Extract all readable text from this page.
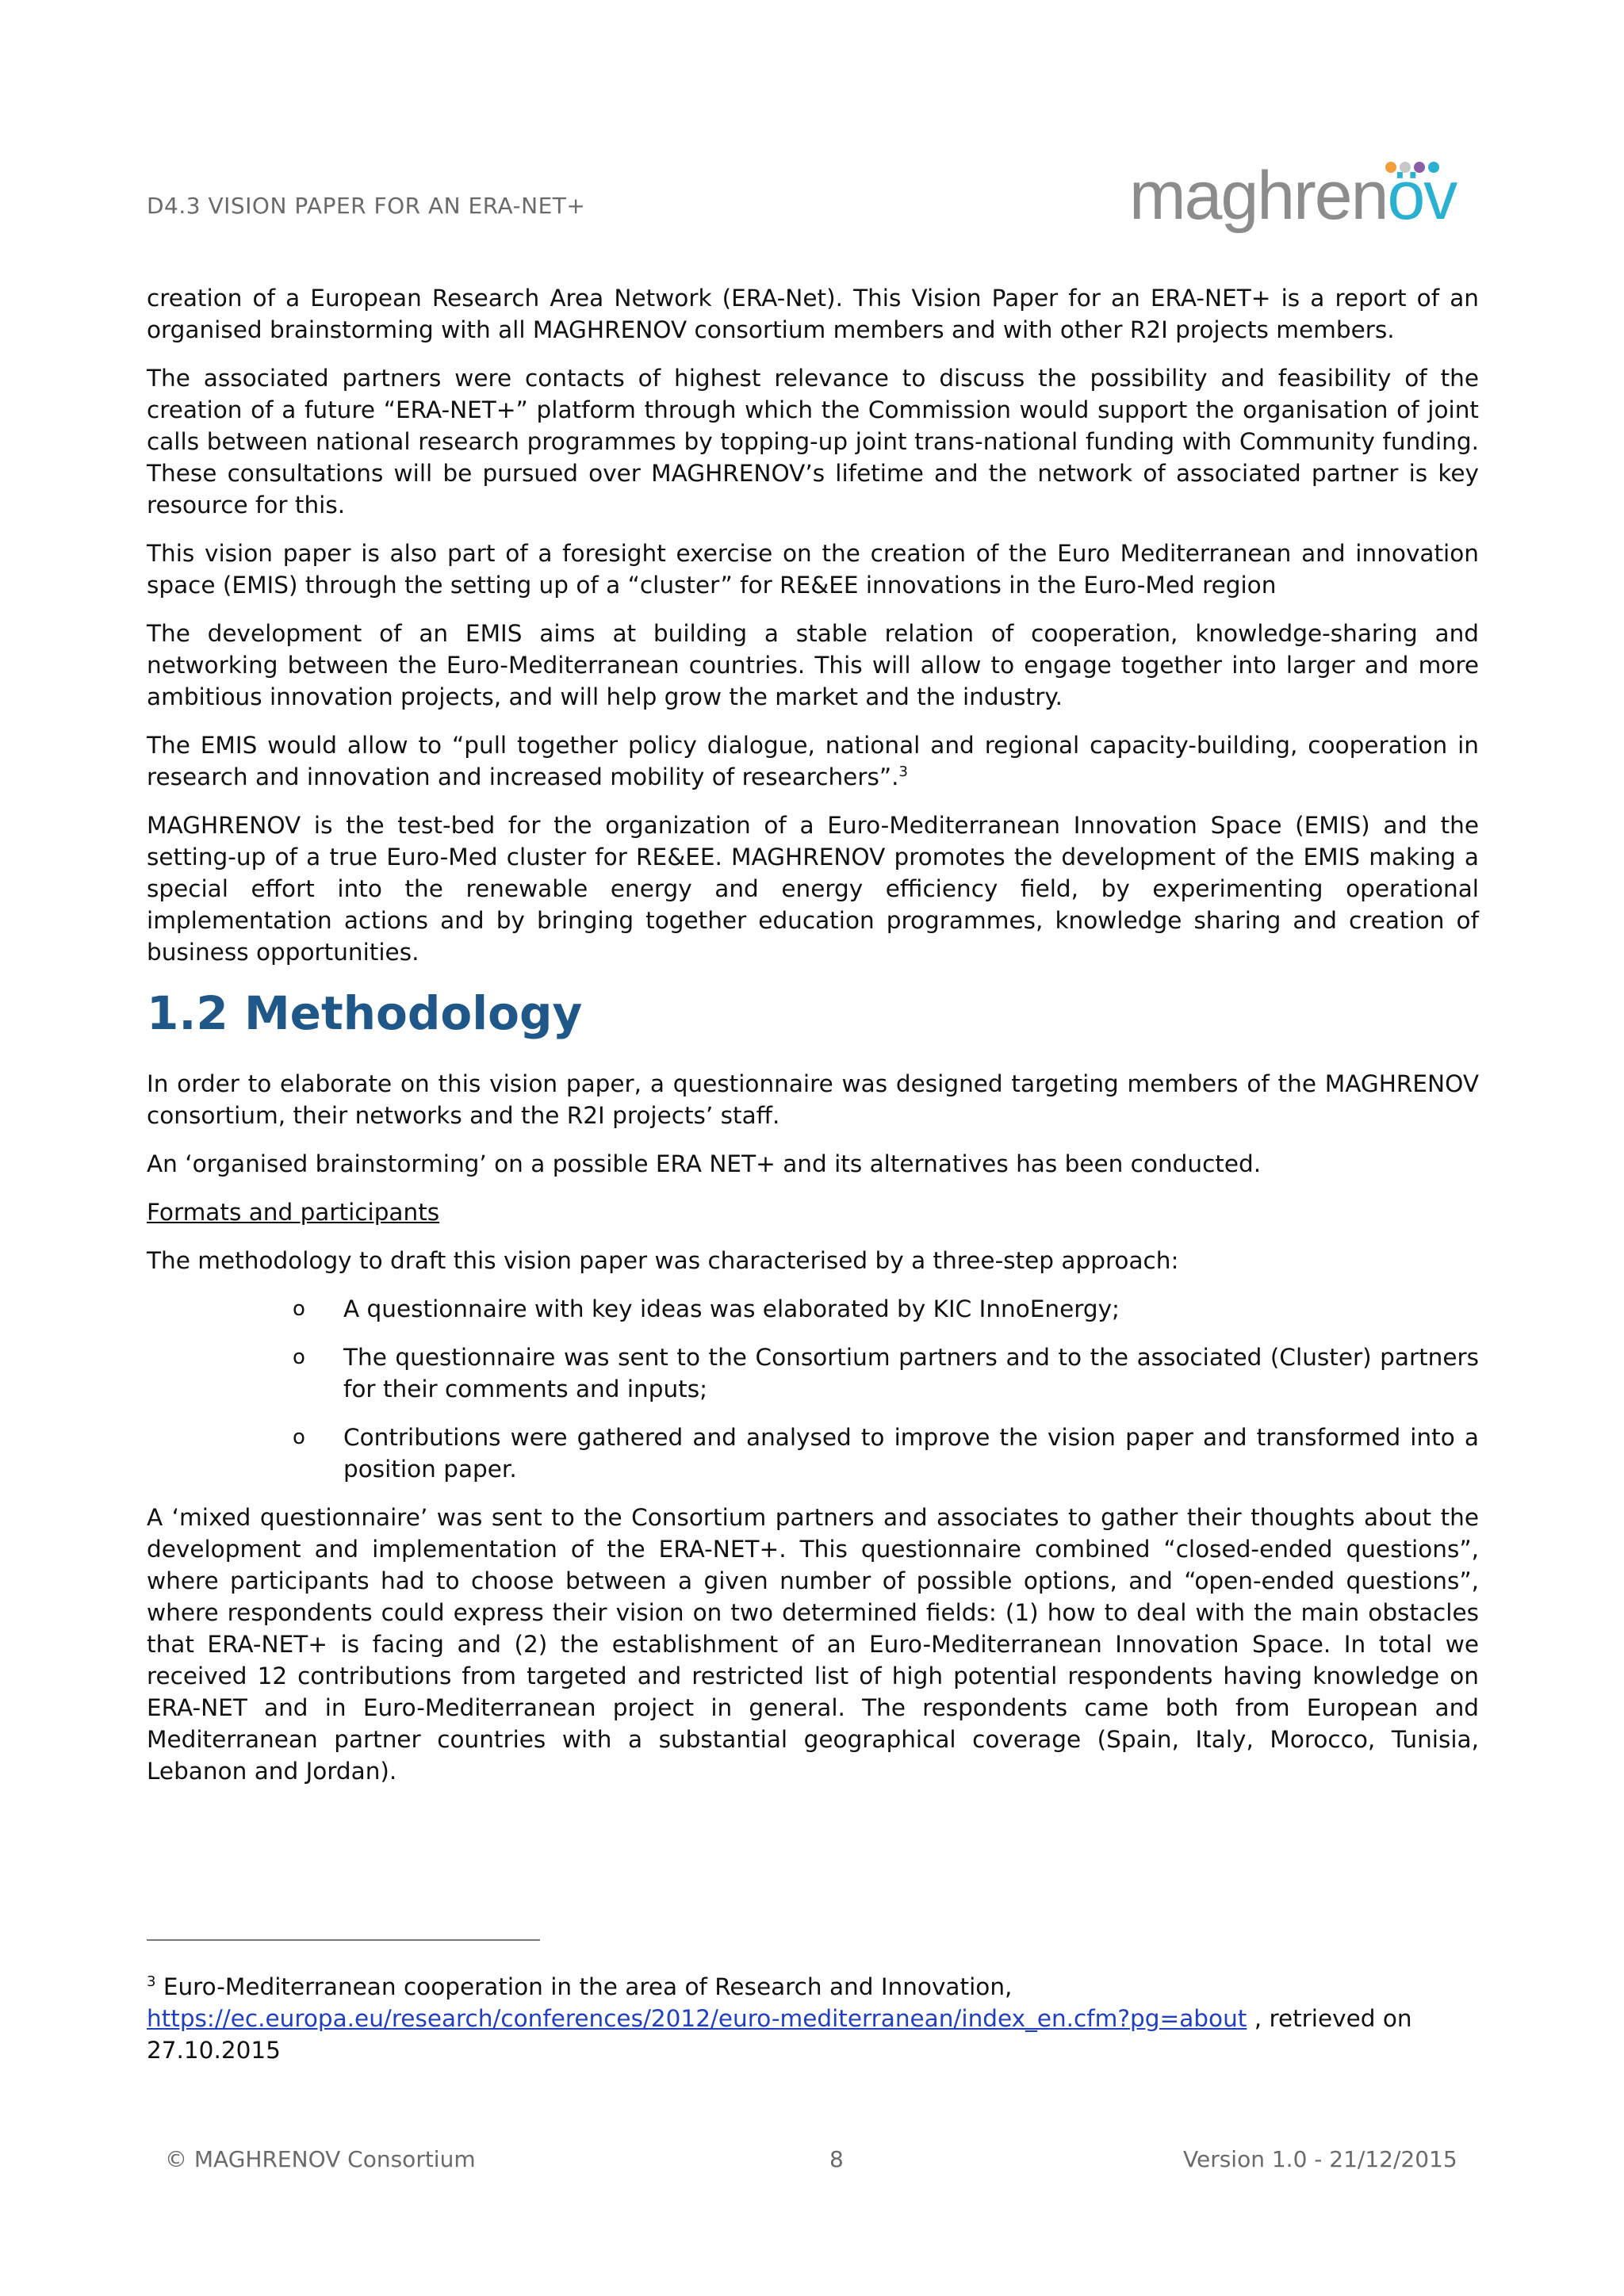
D4.3 VISION PAPER FOR AN ERA-NET+	maghrenöv

creation of a European Research Area Network (ERA-Net). This Vision Paper for an ERA-NET+ is a report of an organised brainstorming with all MAGHRENOV consortium members and with other R2I projects members.

The associated partners were contacts of highest relevance to discuss the possibility and feasibility of the creation of a future “ERA-NET+” platform through which the Commission would support the organisation of joint calls between national research programmes by topping-up joint trans-national funding with Community funding. These consultations will be pursued over MAGHRENOV’s lifetime and the network of associated partner is key resource for this.

This vision paper is also part of a foresight exercise on the creation of the Euro Mediterranean and innovation space (EMIS) through the setting up of a “cluster” for RE&EE innovations in the Euro-Med region

The development of an EMIS aims at building a stable relation of cooperation, knowledge-sharing and networking between the Euro-Mediterranean countries. This will allow to engage together into larger and more ambitious innovation projects, and will help grow the market and the industry.

The EMIS would allow to “pull together policy dialogue, national and regional capacity-building, cooperation in research and innovation and increased mobility of researchers”.$^3$

MAGHRENOV is the test-bed for the organization of a Euro-Mediterranean Innovation Space (EMIS) and the setting-up of a true Euro-Med cluster for RE&EE. MAGHRENOV promotes the development of the EMIS making a special effort into the renewable energy and energy efficiency field, by experimenting operational implementation actions and by bringing together education programmes, knowledge sharing and creation of business opportunities.

1.2 Methodology

In order to elaborate on this vision paper, a questionnaire was designed targeting members of the MAGHRENOV consortium, their networks and the R2I projects’ staff.

An ‘organised brainstorming’ on a possible ERA NET+ and its alternatives has been conducted.

Formats and participants

The methodology to draft this vision paper was characterised by a three-step approach:

o A questionnaire with key ideas was elaborated by KIC InnoEnergy;
o The questionnaire was sent to the Consortium partners and to the associated (Cluster) partners for their comments and inputs;
o Contributions were gathered and analysed to improve the vision paper and transformed into a position paper.

A ‘mixed questionnaire’ was sent to the Consortium partners and associates to gather their thoughts about the development and implementation of the ERA-NET+. This questionnaire combined “closed-ended questions”, where participants had to choose between a given number of possible options, and “open-ended questions”, where respondents could express their vision on two determined fields: (1) how to deal with the main obstacles that ERA-NET+ is facing and (2) the establishment of an Euro-Mediterranean Innovation Space. In total we received 12 contributions from targeted and restricted list of high potential respondents having knowledge on ERA-NET and in Euro-Mediterranean project in general. The respondents came both from European and Mediterranean partner countries with a substantial geographical coverage (Spain, Italy, Morocco, Tunisia, Lebanon and Jordan).

$^3$ Euro-Mediterranean cooperation in the area of Research and Innovation,
https://ec.europa.eu/research/conferences/2012/euro-mediterranean/index_en.cfm?pg=about , retrieved on 27.10.2015
© MAGHRENOV Consortium	8	Version 1.0 - 21/12/2015
